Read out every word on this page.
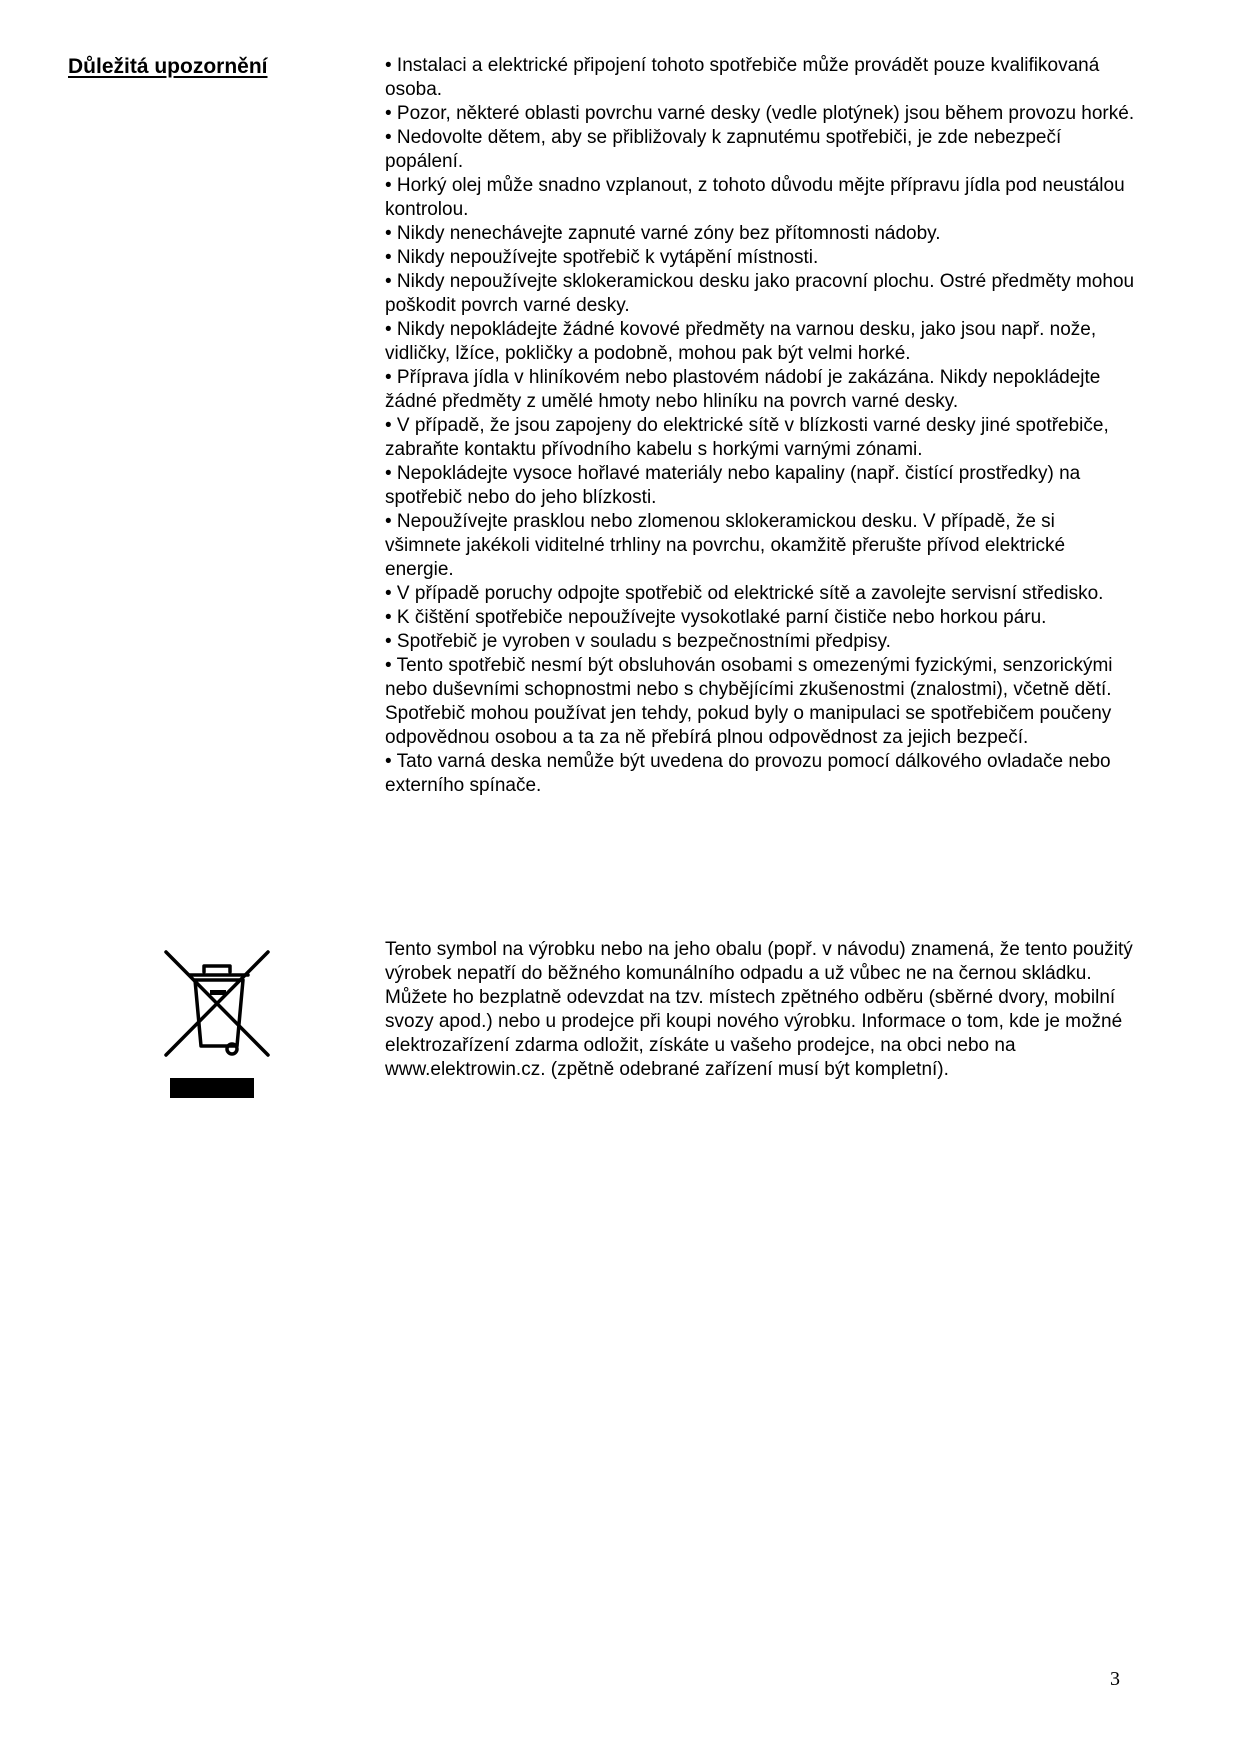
Důležitá upozornění	• Instalaci a elektrické připojení tohoto spotřebiče může provádět pouze kvalifikovaná osoba.

• Pozor, některé oblasti povrchu varné desky (vedle plotýnek) jsou během provozu horké.

• Nedovolte dětem, aby se přibližovaly k zapnutému spotřebiči, je zde nebezpečí popálení.

• Horký olej může snadno vzplanout, z tohoto důvodu mějte přípravu jídla pod neustálou kontrolou.

• Nikdy nenechávejte zapnuté varné zóny bez přítomnosti nádoby.

• Nikdy nepoužívejte spotřebič k vytápění místnosti.

• Nikdy nepoužívejte sklokeramickou desku jako pracovní plochu. Ostré předměty mohou poškodit povrch varné desky.

• Nikdy nepokládejte žádné kovové předměty na varnou desku, jako jsou např. nože, vidličky, lžíce, pokličky a podobně, mohou pak být velmi horké.

• Příprava jídla v hliníkovém nebo plastovém nádobí je zakázána. Nikdy nepokládejte žádné předměty z umělé hmoty nebo hliníku na povrch varné desky.

• V případě, že jsou zapojeny do elektrické sítě v blízkosti varné desky jiné spotřebiče, zabraňte kontaktu přívodního kabelu s horkými varnými zónami.

• Nepokládejte vysoce hořlavé materiály nebo kapaliny (např. čistící prostředky) na spotřebič nebo do jeho blízkosti.

• Nepoužívejte prasklou nebo zlomenou sklokeramickou desku. V případě, že si všimnete jakékoli viditelné trhliny na povrchu, okamžitě přerušte přívod elektrické energie.

• V případě poruchy odpojte spotřebič od elektrické sítě a zavolejte servisní středisko.

• K čištění spotřebiče nepoužívejte vysokotlaké parní čističe nebo horkou páru.

• Spotřebič je vyroben v souladu s bezpečnostními předpisy.

• Tento spotřebič nesmí být obsluhován osobami s omezenými fyzickými, senzorickými nebo duševními schopnostmi nebo s chybějícími zkušenostmi (znalostmi), včetně dětí. Spotřebič mohou používat jen tehdy, pokud byly o manipulaci se spotřebičem poučeny odpovědnou osobou a ta za ně přebírá plnou odpovědnost za jejich bezpečí.

• Tato varná deska nemůže být uvedena do provozu pomocí dálkového ovladače nebo externího spínače.

Tento symbol na výrobku nebo na jeho obalu (popř. v návodu) znamená, že tento použitý výrobek nepatří do běžného komunálního odpadu a už vůbec ne na černou skládku. Můžete ho bezplatně odevzdat na tzv. místech zpětného odběru (sběrné dvory, mobilní svozy apod.) nebo u prodejce při koupi nového výrobku. Informace o tom, kde je možné elektrozařízení zdarma odložit, získáte u vašeho prodejce, na obci nebo na www.elektrowin.cz. (zpětně odebrané zařízení musí být kompletní).

3
